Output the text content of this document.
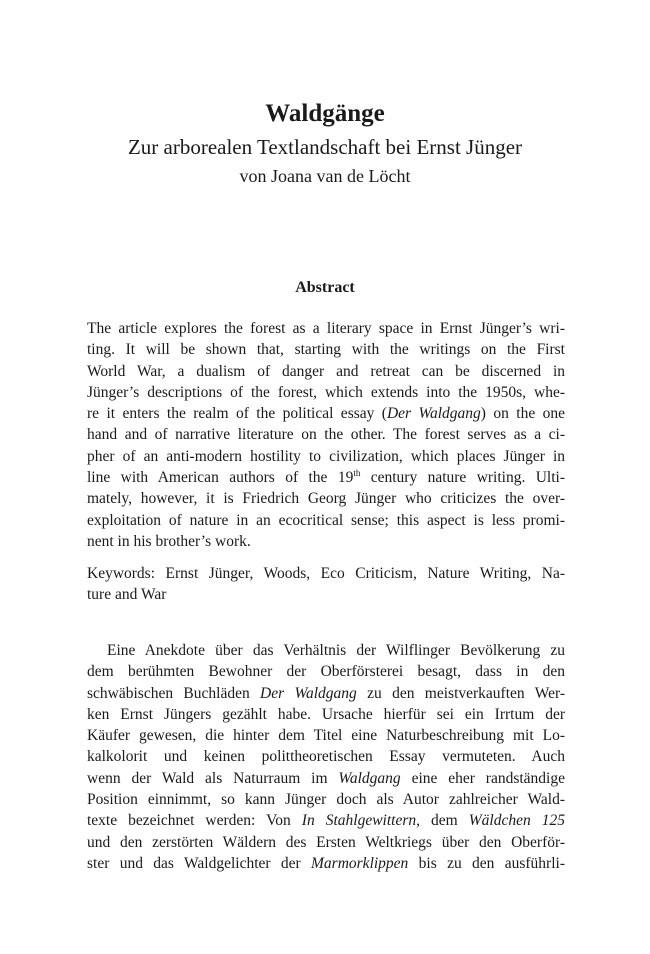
Waldgänge
Zur arborealen Textlandschaft bei Ernst Jünger
von Joana van de Löcht
Abstract
The article explores the forest as a literary space in Ernst Jünger’s wri-
ting. It will be shown that, starting with the writings on the First
World War, a dualism of danger and retreat can be discerned in
Jünger’s descriptions of the forest, which extends into the 1950s, whe-
re it enters the realm of the political essay (Der Waldgang) on the one
hand and of narrative literature on the other. The forest serves as a ci-
pher of an anti-modern hostility to civilization, which places Jünger in
line with American authors of the 19th century nature writing. Ulti-
mately, however, it is Friedrich Georg Jünger who criticizes the over-
exploitation of nature in an ecocritical sense; this aspect is less promi-
nent in his brother’s work.
Keywords: Ernst Jünger, Woods, Eco Criticism, Nature Writing, Na-
ture and War
Eine Anekdote über das Verhältnis der Wilflinger Bevölkerung zu
dem berühmten Bewohner der Oberförsterei besagt, dass in den
schwäbischen Buchläden Der Waldgang zu den meistverkauften Wer-
ken Ernst Jüngers gezählt habe. Ursache hierfür sei ein Irrtum der
Käufer gewesen, die hinter dem Titel eine Naturbeschreibung mit Lo-
kalkolorit und keinen polittheoretischen Essay vermuteten. Auch
wenn der Wald als Naturraum im Waldgang eine eher randständige
Position einnimmt, so kann Jünger doch als Autor zahlreicher Wald-
texte bezeichnet werden: Von In Stahlgewittern, dem Wäldchen 125
und den zerstörten Wäldern des Ersten Weltkriegs über den Oberför-
ster und das Waldgelichter der Marmorklippen bis zu den ausführli-
